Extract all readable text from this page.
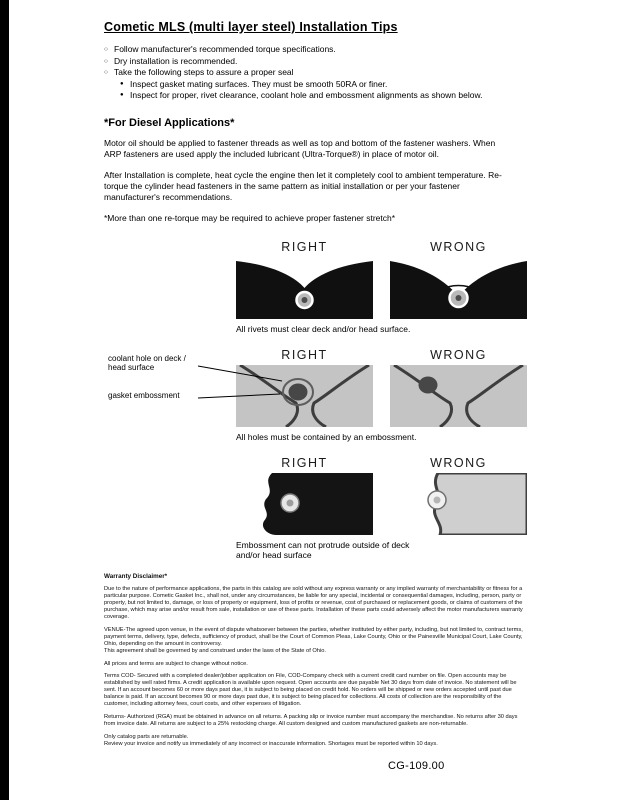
Cometic MLS (multi layer steel) Installation Tips
○ Follow manufacturer's recommended torque specifications.
○ Dry installation is recommended.
○ Take the following steps to assure a proper seal
● Inspect gasket mating surfaces. They must be smooth 50RA or finer.
● Inspect for proper, rivet clearance, coolant hole and embossment alignments as shown below.
*For Diesel Applications*

Motor oil should be applied to fastener threads as well as top and bottom of the fastener washers. When ARP fasteners are used apply the included lubricant (Ultra-Torque®) in place of motor oil.

After Installation is complete, heat cycle the engine then let it completely cool to ambient temperature. Re-torque the cylinder head fasteners in the same pattern as initial installation or per your fastener manufacturer's recommendations.

*More than one re-torque may be required to achieve proper fastener stretch*

RIGHT	WRONG
All rivets must clear deck and/or head surface.
RIGHT	WRONG
coolant hole on deck / head surface
gasket embossment
All holes must be contained by an embossment.
RIGHT	WRONG
Embossment can not protrude outside of deck
and/or head surface
Warranty Disclaimer*

Due to the nature of performance applications, the parts in this catalog are sold without any express warranty or any implied warranty of merchantability or fitness for a particular purpose. Cometic Gasket Inc., shall not, under any circumstances, be liable for any special, incidental or consequential damages, including, person, party or property, but not limited to, damage, or loss of property or equipment, loss of profits or revenue, cost of purchased or replacement goods, or claims of customers of the purchase, which may arise and/or result from sale, installation or use of these parts. Installation of these parts could adversely affect the motor manufacturers warranty coverage.

VENUE-The agreed upon venue, in the event of dispute whatsoever between the parties, whether instituted by either party, including, but not limited to, contract terms, payment terms, delivery, type, defects, sufficiency of product, shall be the Court of Common Pleas, Lake County, Ohio or the Painesville Municipal Court, Lake County, Ohio, depending on the amount in controversy.

This agreement shall be governed by and construed under the laws of the State of Ohio.

All prices and terms are subject to change without notice.

Terms COD- Secured with a completed dealer/jobber application on File, COD-Company check with a current credit card number on file. Open accounts may be established by well rated firms. A credit application is available upon request. Open accounts are due payable Net 30 days from date of invoice. No statement will be sent. If an account becomes 60 or more days past due, it is subject to being placed on credit hold. No orders will be shipped or new orders accepted until past due balance is paid. If an account becomes 90 or more days past due, it is subject to being placed for collections. All costs of collection are the responsibility of the customer, including attorney fees, court costs, and other expenses of litigation.

Returns- Authorized (RGA) must be obtained in advance on all returns. A packing slip or invoice number must accompany the merchandise. No returns after 30 days from invoice date. All returns are subject to a 25% restocking charge. All custom designed and custom manufactured gaskets are non-returnable.

Only catalog parts are returnable.

Review your invoice and notify us immediately of any incorrect or inaccurate information. Shortages must be reported within 10 days.

CG-109.00
